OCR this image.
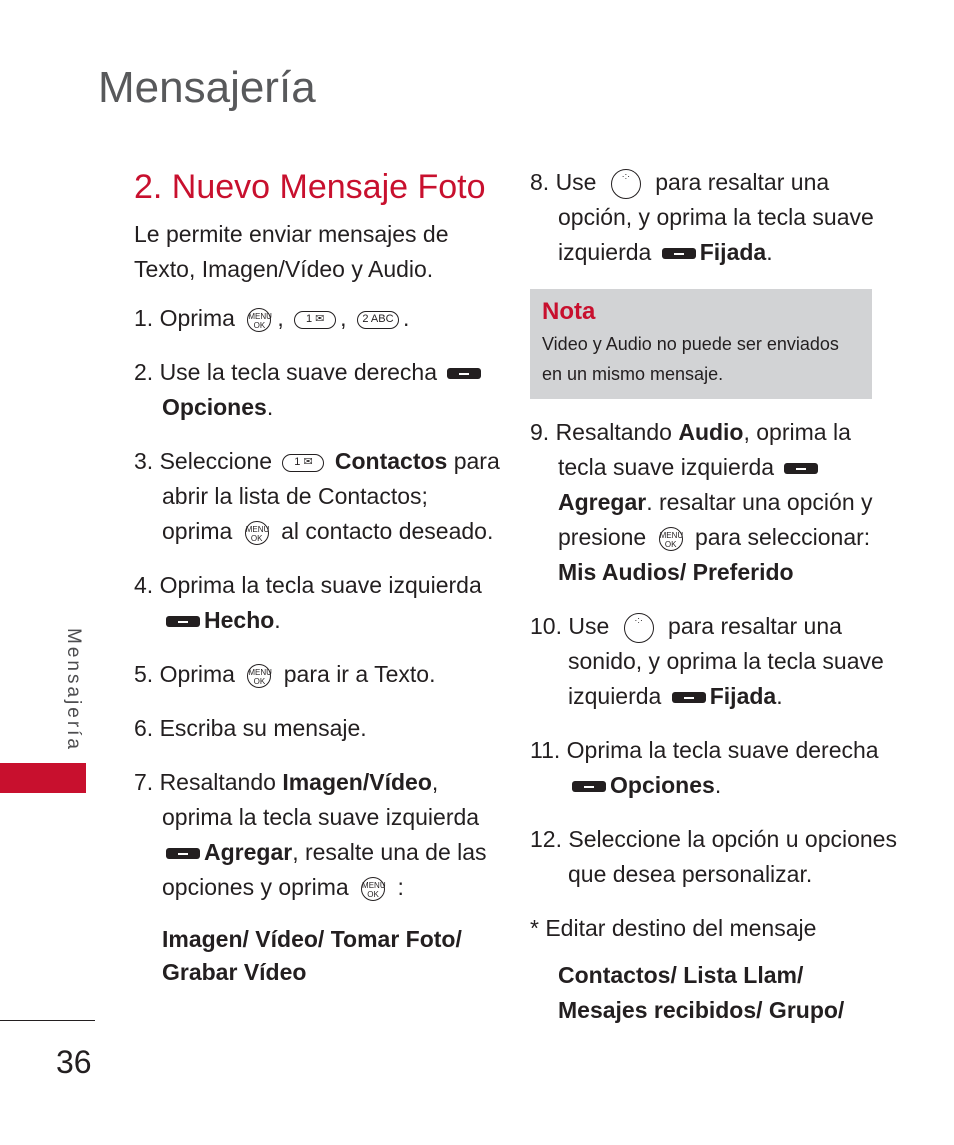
Mensajería
Mensajería
36
2. Nuevo Mensaje Foto

Le permite enviar mensajes de Texto, Imagen/Vídeo y Audio.

1. Oprima MENU
OK , 1 ✉ , 2 ABC .

2. Use la tecla suave derecha Opciones.

3. Seleccione 1 ✉ Contactos para abrir la lista de Contactos; oprima MENU
OK al contacto deseado.

4. Oprima la tecla suave izquierda Hecho.

5. Oprima MENU
OK para ir a Texto.

6. Escriba su mensaje.

7. Resaltando Imagen/Vídeo, oprima la tecla suave izquierda Agregar, resalte una de las opciones y oprima MENU
OK :

Imagen/ Vídeo/ Tomar Foto/

Grabar Vídeo

8. Use	·:· para resaltar una opción, y oprima la tecla suave izquierda Fijada.

Nota

Video y Audio no puede ser enviados en un mismo mensaje.

9. Resaltando Audio, oprima la tecla suave izquierda  Agregar. resaltar una opción y presione MENU
OK para seleccionar:
Mis Audios/ Preferido

10. Use	·:· para resaltar una sonido, y oprima la tecla suave izquierda Fijada.

11. Oprima la tecla suave derecha Opciones.

12. Seleccione la opción u opciones que desea personalizar.

* Editar destino del mensaje

Contactos/ Lista Llam/

Mesajes recibidos/ Grupo/
